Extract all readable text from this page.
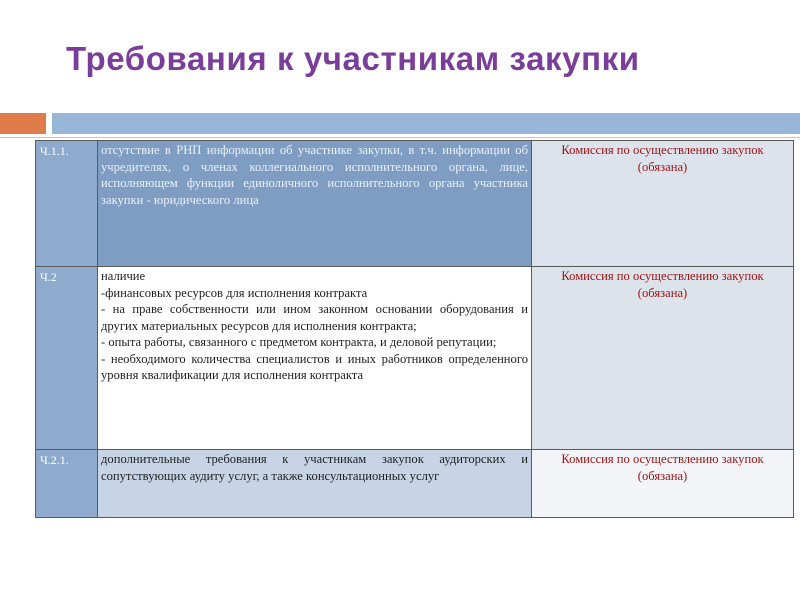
Требования к участникам закупки
Ч.1.1.	отсутствие в РНП информации об участнике закупки, в т.ч. информации об учредителях, о членах коллегиального исполнительного органа, лице, исполняющем функции единоличного исполнительного органа участника закупки - юридического лица	Комиссия по осуществлению закупок (обязана)
Ч.2	наличие
-финансовых ресурсов для исполнения контракта
- на праве собственности или ином законном основании оборудования и других материальных ресурсов для исполнения контракта;
- опыта работы, связанного с предметом контракта, и деловой репутации;
- необходимого количества специалистов и иных работников определенного уровня квалификации для исполнения контракта	Комиссия по осуществлению закупок (обязана)
Ч.2.1.	дополнительные требования к участникам закупок аудиторских и сопутствующих аудиту услуг, а также консультационных услуг	Комиссия по осуществлению закупок (обязана)
